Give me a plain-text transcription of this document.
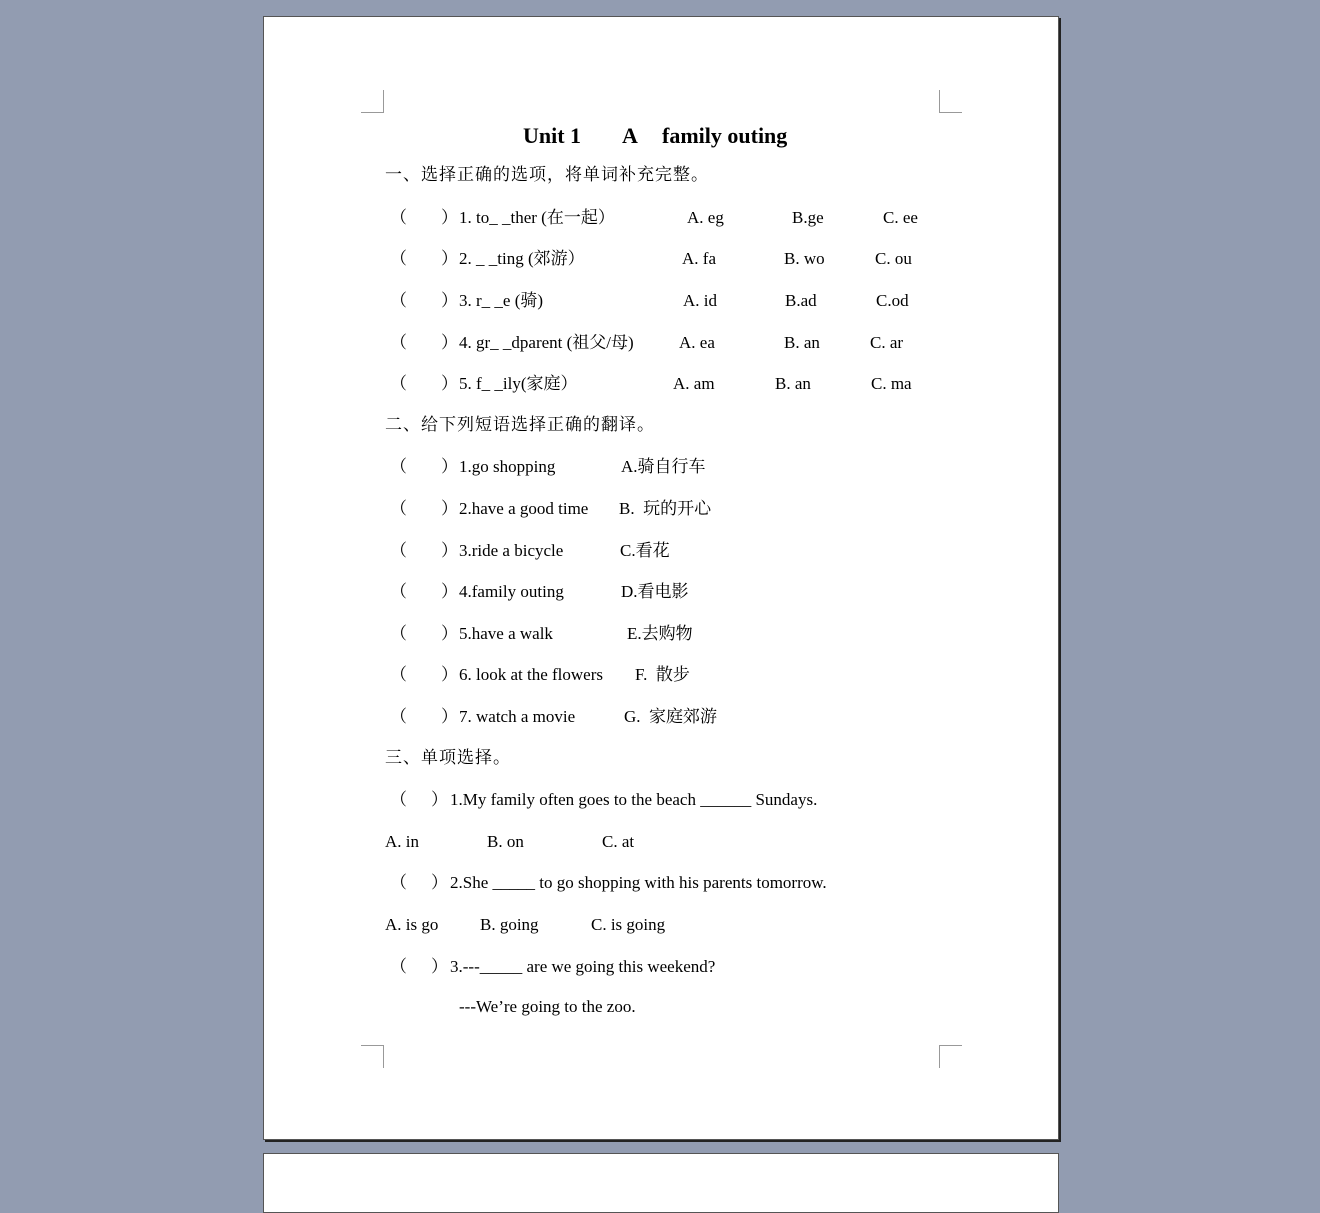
Unit 1 A family outing
一、选择正确的选项，将单词补充完整。
（ ） 1. to_ _ther (在一起）	A. eg	B.ge	C. ee
（ ） 2. _ _ting (郊游）	A. fa	B. wo	C. ou
（ ） 3. r_ _e (骑)	A. id	B.ad	C.od
（ ） 4. gr_ _dparent (祖父/母)	A. ea	B. an	C. ar
（ ） 5. f_ _ily(家庭）	A. am	B. an	C. ma
二、给下列短语选择正确的翻译。
（ ） 1.go shopping	A.骑自行车
（ ） 2.have a good time B.  玩的开心
（ ） 3.ride a bicycle	C.看花
（ ） 4.family outing	D.看电影
（ ） 5.have a walk	E.去购物
（ ） 6. look at the flowers F.  散步
（ ） 7. watch a movie	G.  家庭郊游
三、单项选择。
（ ） 1.My family often goes to the beach ______ Sundays.
A. in	B. on	C. at
（ ） 2.She _____ to go shopping with his parents tomorrow.
A. is go B. going	C. is going
（ ） 3.---_____ are we going this weekend?
---We’re going to the zoo.
